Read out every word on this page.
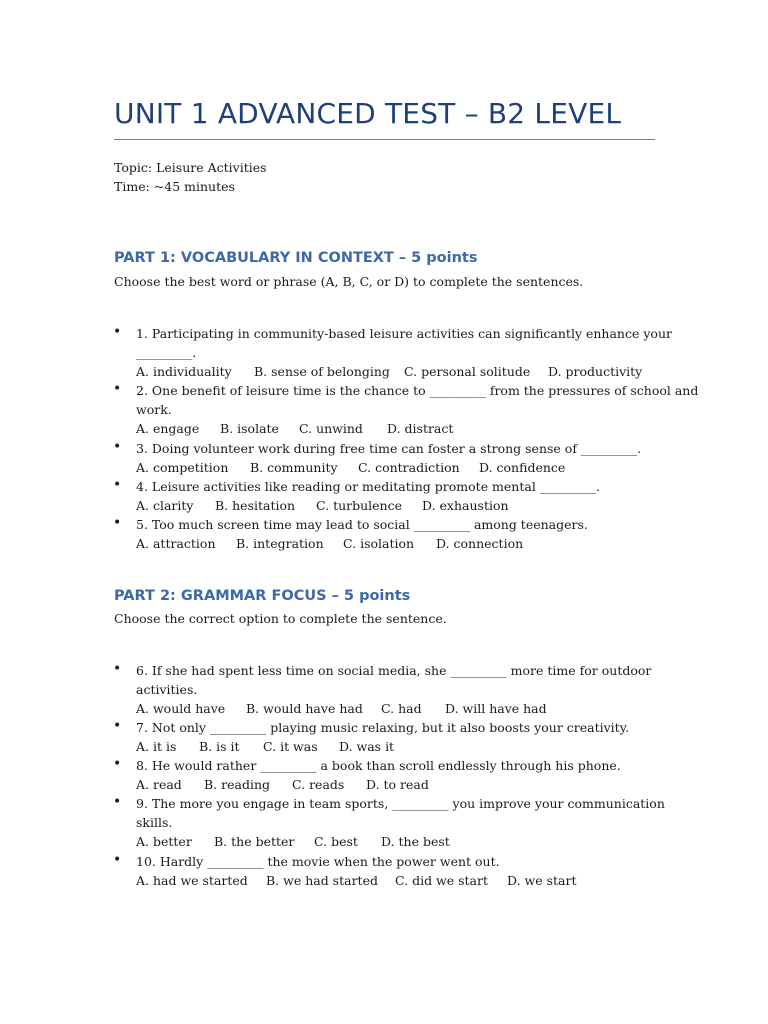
UNIT 1 ADVANCED TEST – B2 LEVEL
Topic: Leisure Activities
Time: ~45 minutes
PART 1: VOCABULARY IN CONTEXT – 5 points
Choose the best word or phrase (A, B, C, or D) to complete the sentences.
• 1. Participating in community-based leisure activities can significantly enhance your
_________.
A. individuality B. sense of belonging C. personal solitude D. productivity
• 2. One benefit of leisure time is the chance to _________ from the pressures of school and
work.
A. engage B. isolate C. unwind D. distract
• 3. Doing volunteer work during free time can foster a strong sense of _________.
A. competition B. community C. contradiction D. confidence
• 4. Leisure activities like reading or meditating promote mental _________.
A. clarity B. hesitation C. turbulence D. exhaustion
• 5. Too much screen time may lead to social _________ among teenagers.
A. attraction B. integration C. isolation D. connection
PART 2: GRAMMAR FOCUS – 5 points
Choose the correct option to complete the sentence.
• 6. If she had spent less time on social media, she _________ more time for outdoor
activities.
A. would have B. would have had C. had D. will have had
• 7. Not only _________ playing music relaxing, but it also boosts your creativity.
A. it is B. is it C. it was D. was it
• 8. He would rather _________ a book than scroll endlessly through his phone.
A. read B. reading C. reads D. to read
• 9. The more you engage in team sports, _________ you improve your communication
skills.
A. better B. the better C. best D. the best
• 10. Hardly _________ the movie when the power went out.
A. had we started B. we had started C. did we start D. we start
